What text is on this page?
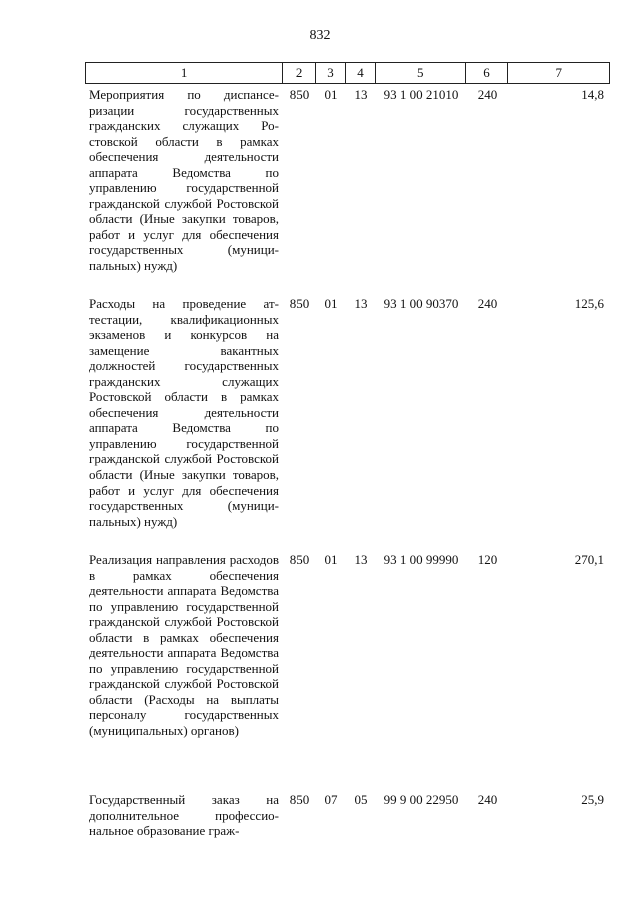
832
1	2	3	4	5	6	7
Мероприятия по диспансеризации государственных гражданских служащих Ростовской области в рамках обеспечения деятельности аппарата Ведомства по управлению государственной гражданской службой Ростовской области (Иные закупки товаров, работ и услуг для обеспечения государственных (муниципальных) нужд)
850	01	13	93 1 00 21010	240	14,8
Расходы на проведение аттестации, квалификационных экзаменов и конкурсов на замещение вакантных должностей государственных гражданских служащих Ростовской области в рамках обеспечения деятельности аппарата Ведомства по управлению государственной гражданской службой Ростовской области (Иные закупки товаров, работ и услуг для обеспечения государственных (муниципальных) нужд)
850	01	13	93 1 00 90370	240	125,6
Реализация направления расходов в рамках обеспечения деятельности аппарата Ведомства по управлению государственной гражданской службой Ростовской области в рамках обеспечения деятельности аппарата Ведомства по управлению государственной гражданской службой Ростовской области (Расходы на выплаты персоналу государственных (муниципальных) органов)
850	01	13	93 1 00 99990	120	270,1
Государственный заказ на дополнительное профессиональное образование граж-
850	07	05	99 9 00 22950	240	25,9
